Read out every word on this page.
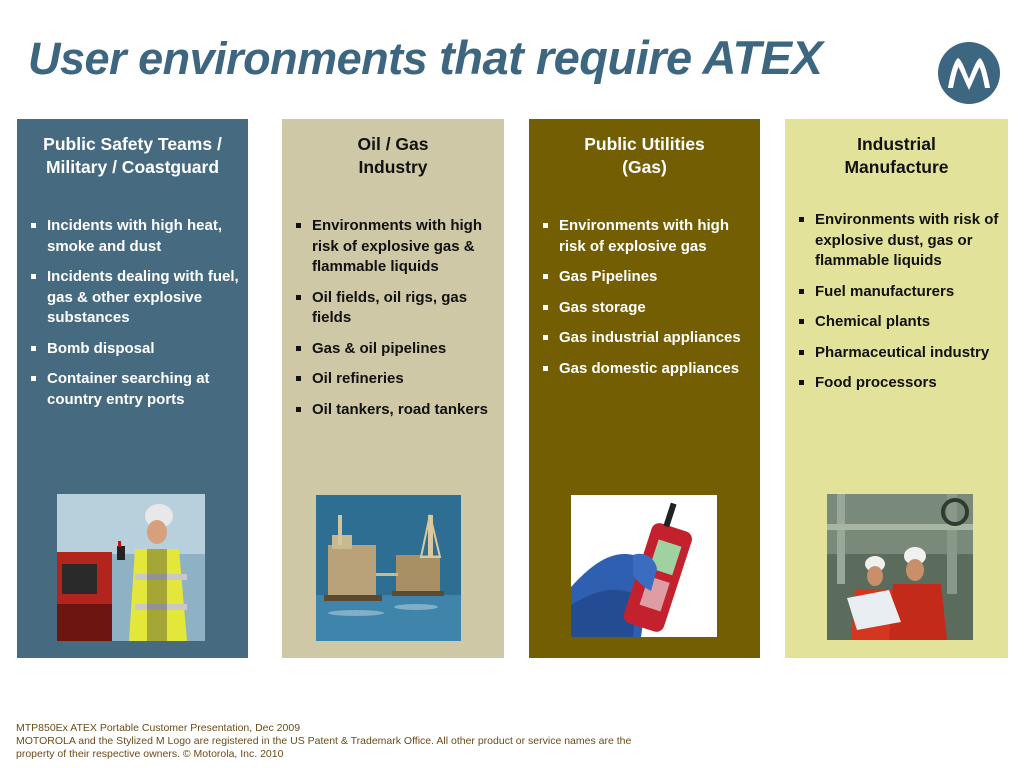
User environments that require ATEX
Public Safety Teams /
Military / Coastguard
Incidents with high heat, smoke and dust
Incidents dealing with fuel, gas & other explosive substances
Bomb disposal
Container searching at country entry ports
Oil / Gas
Industry
Environments with high risk of explosive gas & flammable liquids
Oil fields, oil rigs, gas fields
Gas & oil pipelines
Oil refineries
Oil tankers, road tankers
Public Utilities
(Gas)
Environments with high risk of explosive gas
Gas Pipelines
Gas storage
Gas industrial appliances
Gas domestic appliances
Industrial
Manufacture
Environments with risk of explosive dust, gas or flammable liquids
Fuel manufacturers
Chemical plants
Pharmaceutical industry
Food processors
MTP850Ex ATEX Portable Customer Presentation, Dec 2009
MOTOROLA and the Stylized M Logo are registered in the US Patent & Trademark Office. All other product or service names are the
property of their respective owners. © Motorola, Inc. 2010
